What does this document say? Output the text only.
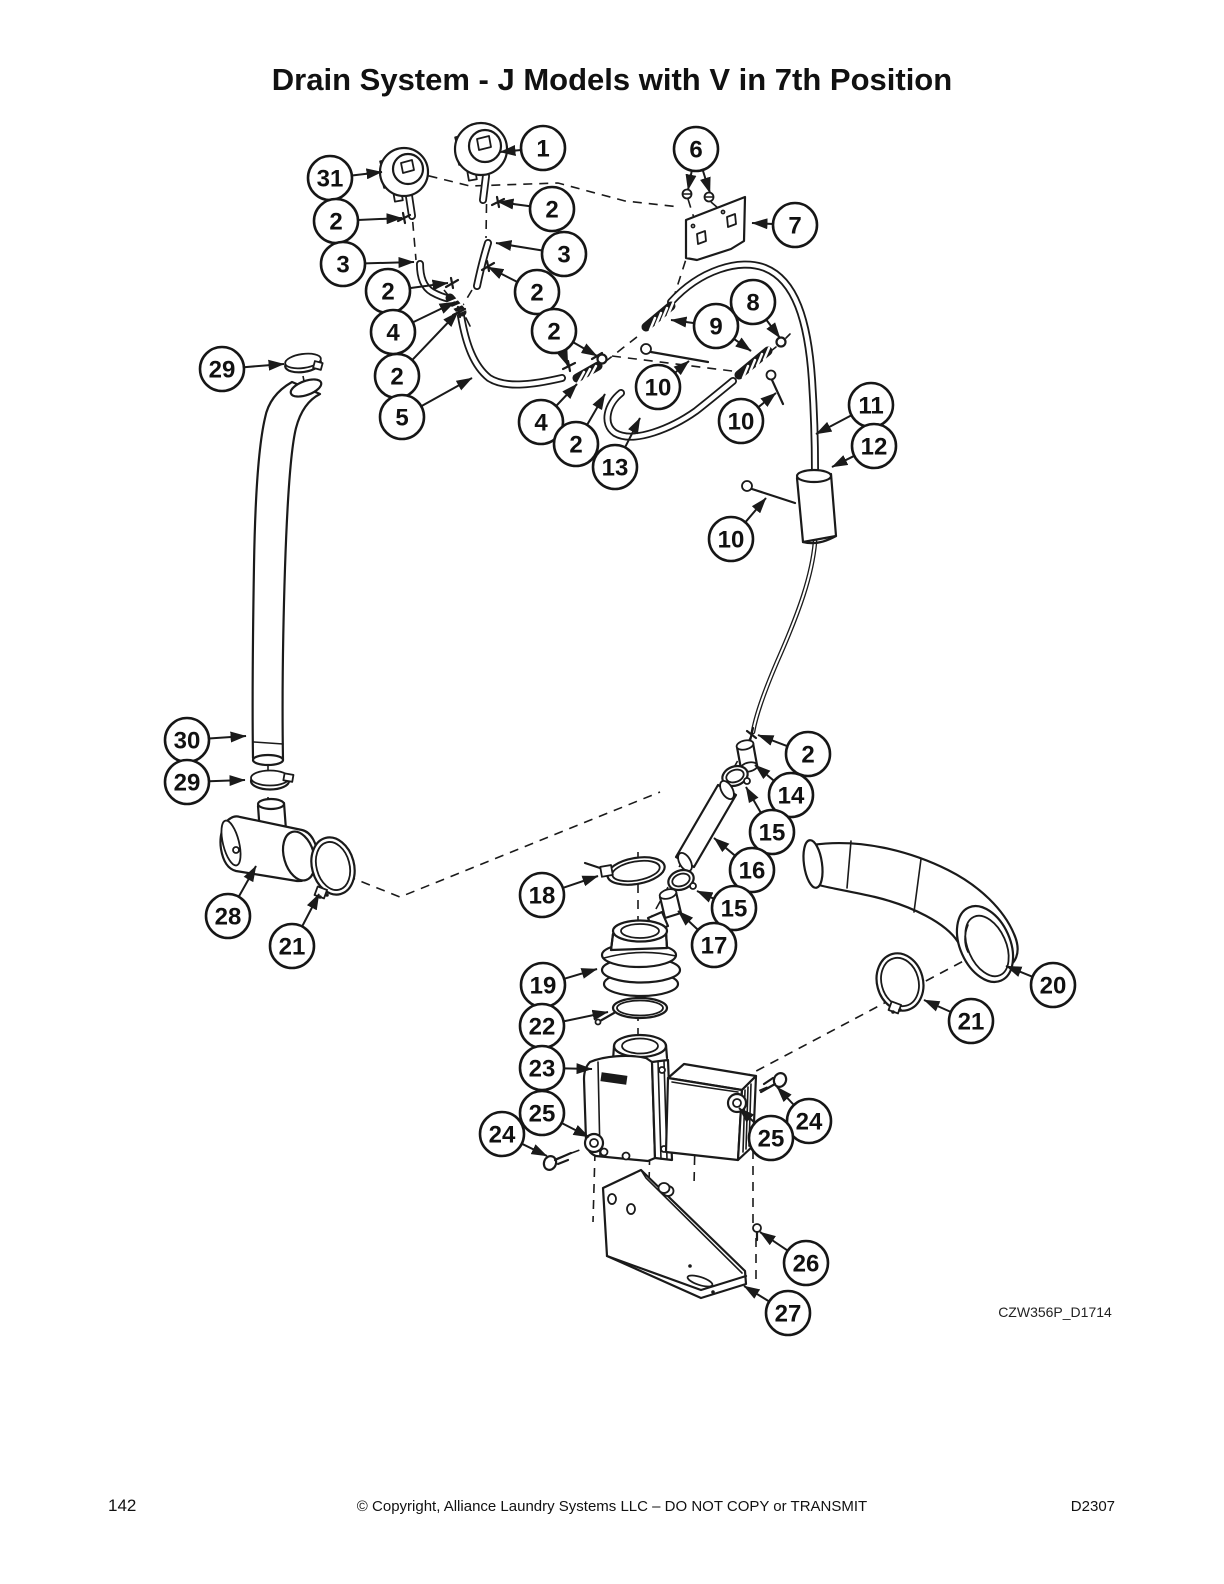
Drain System - J Models with V in 7th Position
1	6
31
2
2	7
3	3
2	2	8
9
4	2
29	2	10
11
5	4	10
12
2
13
10
30
29
2
14
15
16
28
18	15
21	17
19	20
21
22
23
25
24	24
25
26
27	CZW356P_D1714
142	© Copyright, Alliance Laundry Systems LLC – DO NOT COPY or TRANSMIT	D2307
